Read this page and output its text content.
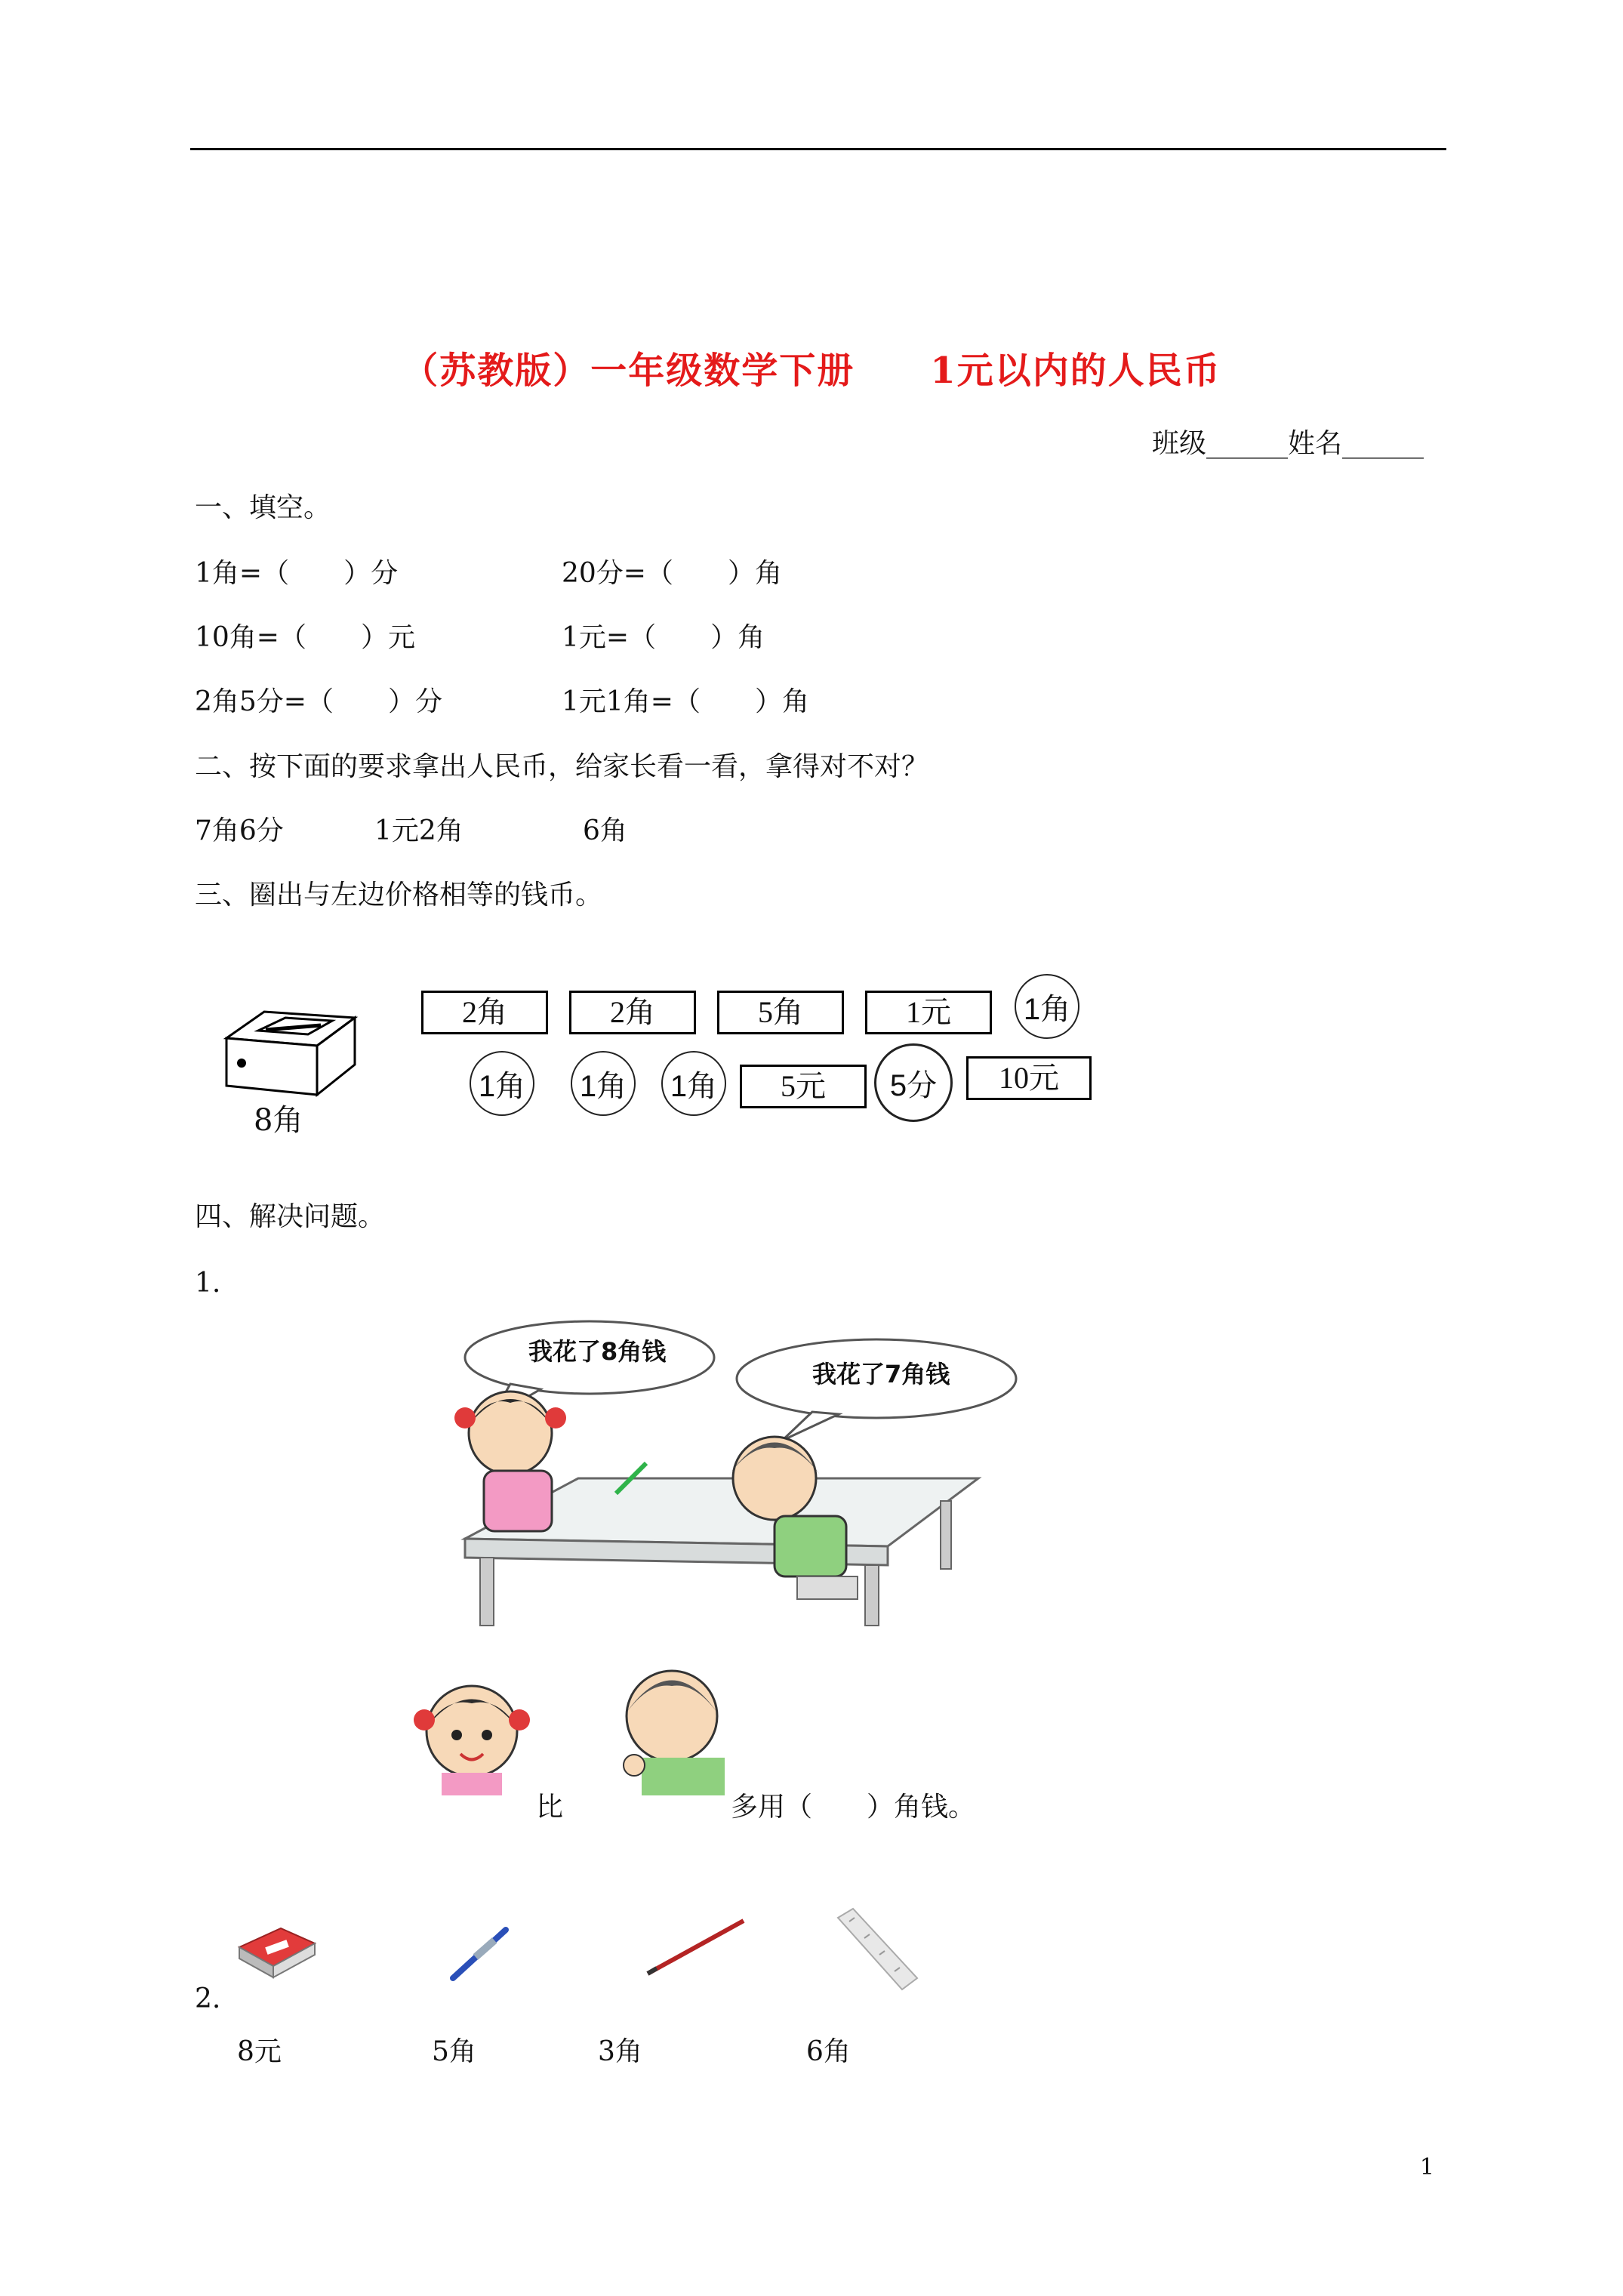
（苏教版）一年级数学下册　　1元以内的人民币
班级______姓名______
一、填空。
1角=（　　）分	20分=（　　）角
10角=（　　）元	1元=（　　）角
2角5分=（　　）分	1元1角=（　　）角
二、按下面的要求拿出人民币，给家长看一看，拿得对不对？
7角6分	1元2角	6角
三、圈出与左边价格相等的钱币。
8角
2角	2角	5角	1元	1角
1角 1角 1角	5元	5分	10元
四、解决问题。
1.
我花了8角钱
我花了7角钱
比	多用（　　）角钱。
2.
8元	5角	3角	6角
1
